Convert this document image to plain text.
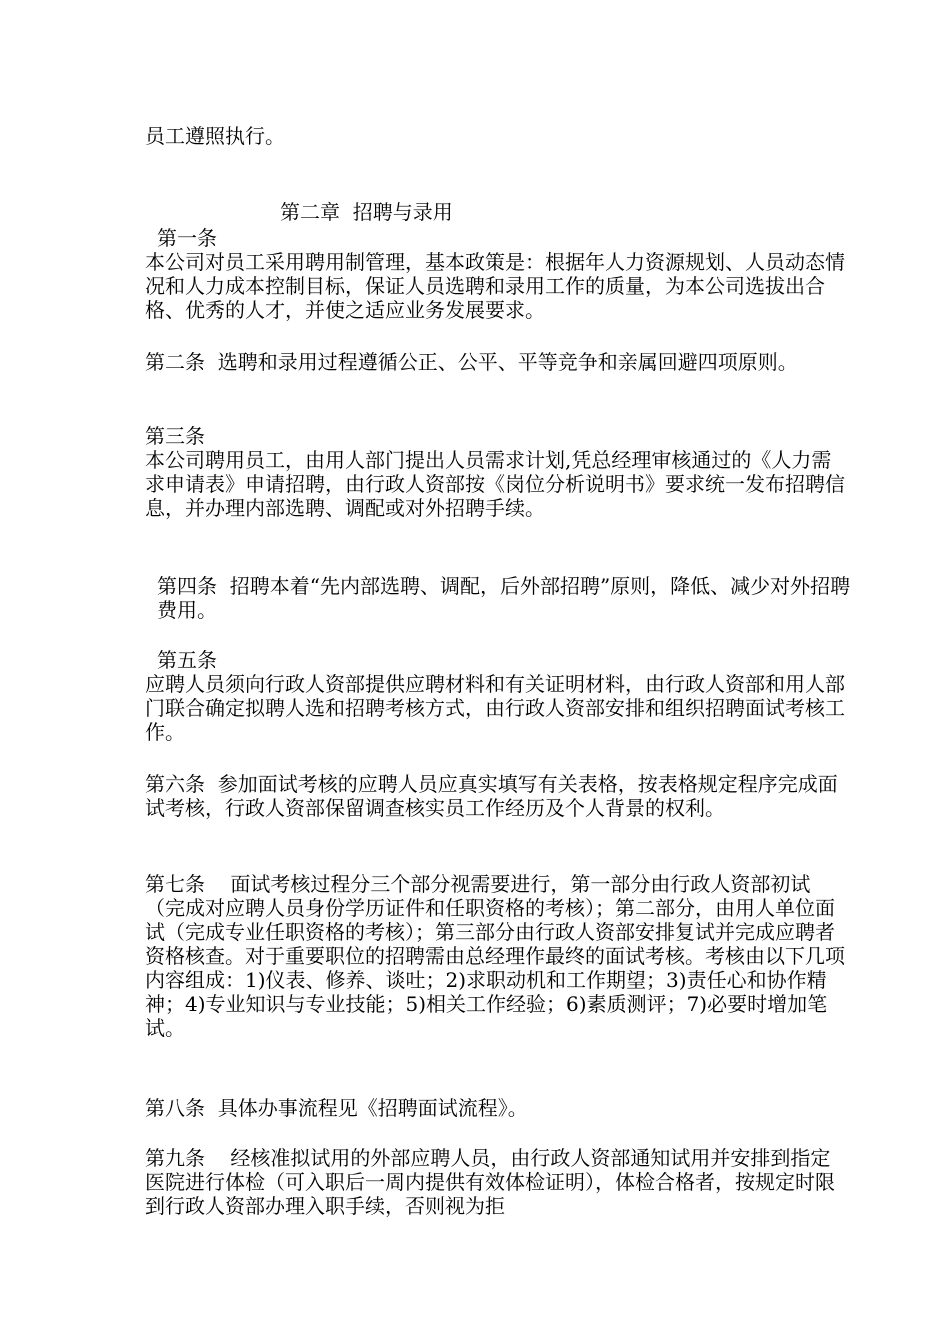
员工遵照执行。

第二章  招聘与录用

第一条

本公司对员工采用聘用制管理，基本政策是：根据年人力资源规划、人员动态情况和人力成本控制目标，保证人员选聘和录用工作的质量，为本公司选拔出合格、优秀的人才，并使之适应业务发展要求。

第二条  选聘和录用过程遵循公正、公平、平等竞争和亲属回避四项原则。

第三条

本公司聘用员工，由用人部门提出人员需求计划,凭总经理审核通过的《人力需求申请表》申请招聘，由行政人资部按《岗位分析说明书》要求统一发布招聘信息，并办理内部选聘、调配或对外招聘手续。

第四条  招聘本着“先内部选聘、调配，后外部招聘”原则，降低、减少对外招聘费用。

第五条

应聘人员须向行政人资部提供应聘材料和有关证明材料，由行政人资部和用人部门联合确定拟聘人选和招聘考核方式，由行政人资部安排和组织招聘面试考核工作。

第六条  参加面试考核的应聘人员应真实填写有关表格，按表格规定程序完成面试考核，行政人资部保留调查核实员工作经历及个人背景的权利。

第七条    面试考核过程分三个部分视需要进行，第一部分由行政人资部初试（完成对应聘人员身份学历证件和任职资格的考核）；第二部分，由用人单位面试（完成专业任职资格的考核）；第三部分由行政人资部安排复试并完成应聘者资格核查。对于重要职位的招聘需由总经理作最终的面试考核。考核由以下几项内容组成：1)仪表、修养、谈吐；2)求职动机和工作期望；3)责任心和协作精神；4)专业知识与专业技能；5)相关工作经验；6)素质测评；7)必要时增加笔试。

第八条  具体办事流程见《招聘面试流程》。

第九条    经核准拟试用的外部应聘人员，由行政人资部通知试用并安排到指定医院进行体检（可入职后一周内提供有效体检证明），体检合格者，按规定时限到行政人资部办理入职手续，否则视为拒
